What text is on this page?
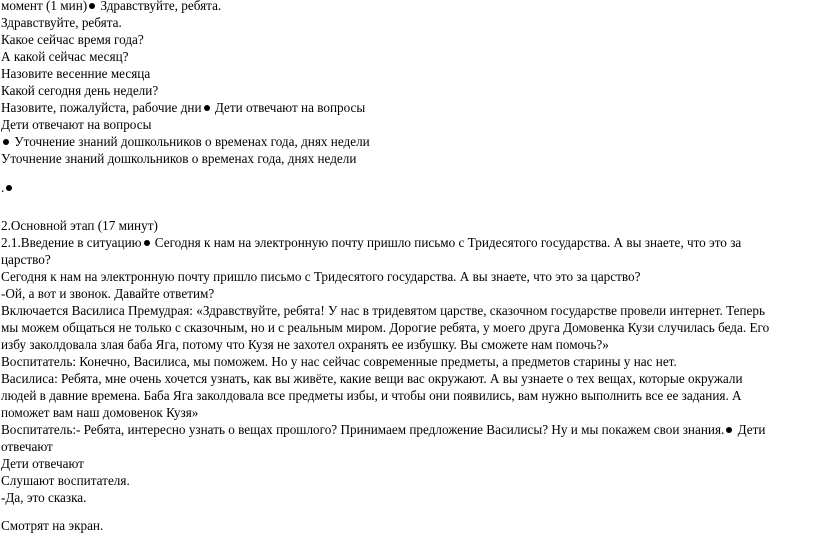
момент (1 мин) Здравствуйте, ребята.
Здравствуйте, ребята.
Какое сейчас время года?
А какой сейчас месяц?
Назовите весенние месяца
Какой сегодня день недели?
Назовите, пожалуйста, рабочие дни Дети отвечают на вопросы
Дети отвечают на вопросы
Уточнение знаний дошкольников о временах года, днях недели
Уточнение знаний дошкольников о временах года, днях недели
.
2.Основной этап (17 минут)
2.1.Введение в ситуацию Сегодня к нам на электронную почту пришло письмо с Тридесятого государства. А вы знаете, что это за
царство?
Сегодня к нам на электронную почту пришло письмо с Тридесятого государства. А вы знаете, что это за царство?
-Ой, а вот и звонок. Давайте ответим?
Включается Василиса Премудрая: «Здравствуйте, ребята! У нас в тридевятом царстве, сказочном государстве провели интернет. Теперь
мы можем общаться не только с сказочным, но и с реальным миром. Дорогие ребята, у моего друга Домовенка Кузи случилась беда. Его
избу заколдовала злая баба Яга, потому что Кузя не захотел охранять ее избушку. Вы сможете нам помочь?»
Воспитатель: Конечно, Василиса, мы поможем. Но у нас сейчас современные предметы, а предметов старины у нас нет.
Василиса: Ребята, мне очень хочется узнать, как вы живёте, какие вещи вас окружают. А вы узнаете о тех вещах, которые окружали
людей в давние времена. Баба Яга заколдовала все предметы избы, и чтобы они появились, вам нужно выполнить все ее задания. А
поможет вам наш домовенок Кузя»
Воспитатель:- Ребята, интересно узнать о вещах прошлого? Принимаем предложение Василисы? Ну и мы покажем свои знания. Дети
отвечают
Дети отвечают
Слушают воспитателя.
-Да, это сказка.
Смотрят на экран.
